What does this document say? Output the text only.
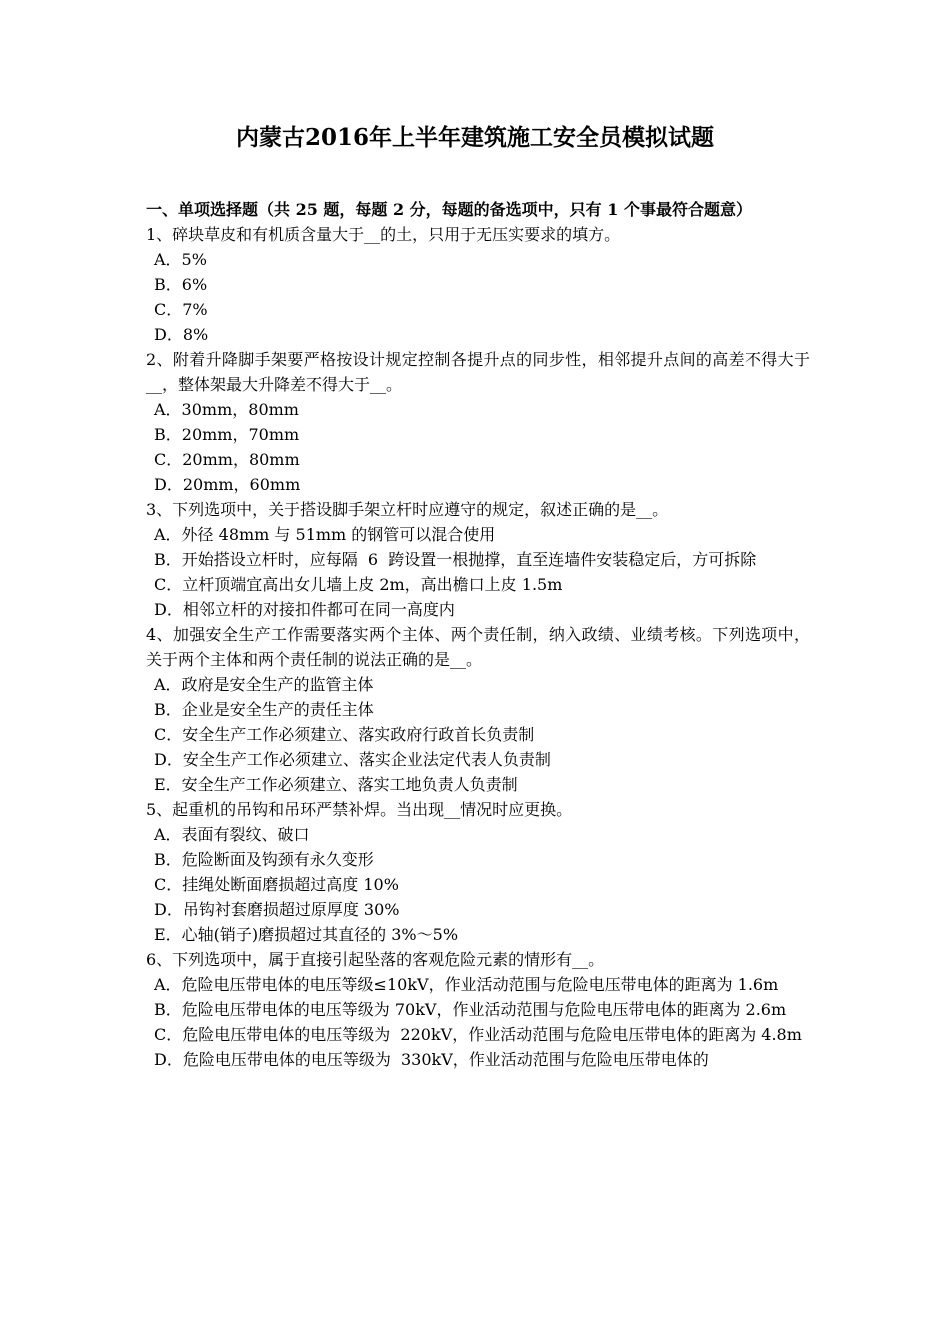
内蒙古2016年上半年建筑施工安全员模拟试题
一、单项选择题（共 25 题，每题 2 分，每题的备选项中，只有 1 个事最符合题意）
1、碎块草皮和有机质含量大于__的土，只用于无压实要求的填方。
A．5%
B．6%
C．7%
D．8%
2、附着升降脚手架要严格按设计规定控制各提升点的同步性，相邻提升点间的高差不得大于__，整体架最大升降差不得大于__。
A．30mm，80mm
B．20mm，70mm
C．20mm，80mm
D．20mm，60mm
3、下列选项中，关于搭设脚手架立杆时应遵守的规定，叙述正确的是__。
A．外径 48mm 与 51mm 的钢管可以混合使用
B．开始搭设立杆时，应每隔  6  跨设置一根抛撑，直至连墙件安装稳定后，方可拆除
C．立杆顶端宜高出女儿墙上皮 2m，高出檐口上皮 1.5m
D．相邻立杆的对接扣件都可在同一高度内
4、加强安全生产工作需要落实两个主体、两个责任制，纳入政绩、业绩考核。下列选项中，关于两个主体和两个责任制的说法正确的是__。
A．政府是安全生产的监管主体
B．企业是安全生产的责任主体
C．安全生产工作必须建立、落实政府行政首长负责制
D．安全生产工作必须建立、落实企业法定代表人负责制
E．安全生产工作必须建立、落实工地负责人负责制
5、起重机的吊钩和吊环严禁补焊。当出现__情况时应更换。
A．表面有裂纹、破口
B．危险断面及钩颈有永久变形
C．挂绳处断面磨损超过高度 10%
D．吊钩衬套磨损超过原厚度 30%
E．心轴(销子)磨损超过其直径的 3%～5%
6、下列选项中，属于直接引起坠落的客观危险元素的情形有__。
A．危险电压带电体的电压等级≤10kV，作业活动范围与危险电压带电体的距离为 1.6m
B．危险电压带电体的电压等级为 70kV，作业活动范围与危险电压带电体的距离为 2.6m
C．危险电压带电体的电压等级为  220kV，作业活动范围与危险电压带电体的距离为 4.8m
D．危险电压带电体的电压等级为  330kV，作业活动范围与危险电压带电体的
